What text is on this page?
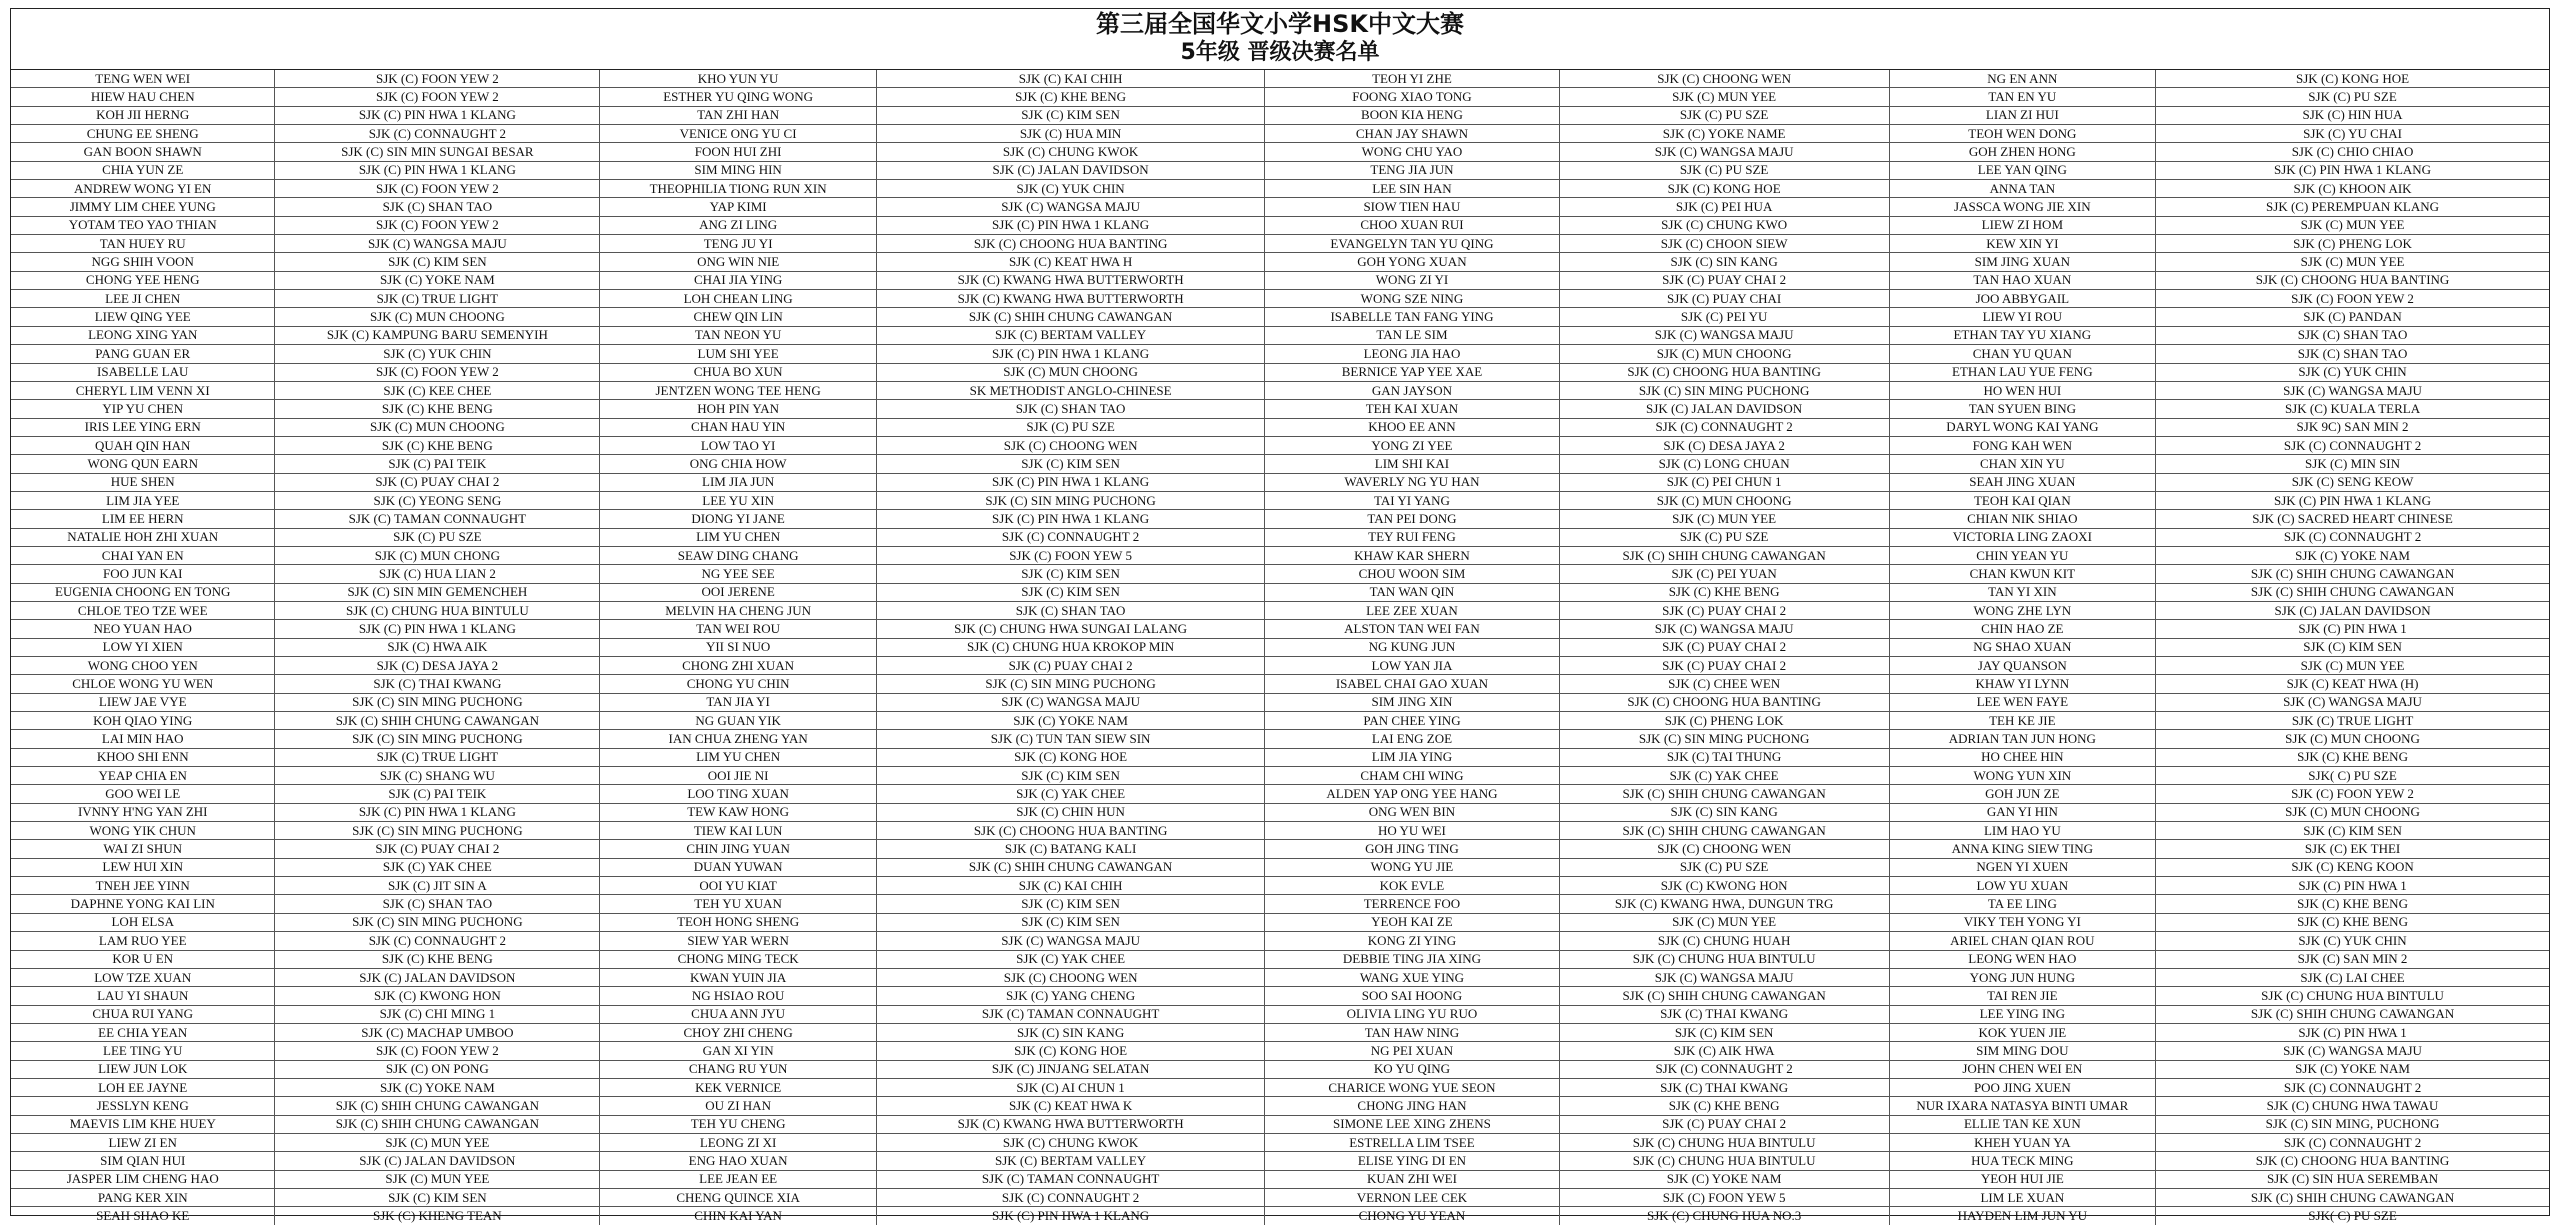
第三届全国华文小学HSK中文大赛
5年级 晋级决赛名单
TENG WEN WEI	SJK (C) FOON YEW 2	KHO YUN YU	SJK (C) KAI CHIH	TEOH YI ZHE	SJK (C) CHOONG WEN	NG EN ANN	SJK (C) KONG HOE
HIEW HAU CHEN	SJK (C) FOON YEW 2	ESTHER YU QING WONG	SJK (C) KHE BENG	FOONG XIAO TONG	SJK (C) MUN YEE	TAN EN YU	SJK (C) PU SZE
KOH JII HERNG	SJK (C) PIN HWA 1 KLANG	TAN ZHI HAN	SJK (C) KIM SEN	BOON KIA HENG	SJK (C) PU SZE	LIAN ZI HUI	SJK (C) HIN HUA
CHUNG EE SHENG	SJK (C) CONNAUGHT 2	VENICE ONG YU CI	SJK (C) HUA MIN	CHAN JAY SHAWN	SJK (C) YOKE NAME	TEOH WEN DONG	SJK (C) YU CHAI
GAN BOON SHAWN	SJK (C) SIN MIN SUNGAI BESAR	FOON HUI ZHI	SJK (C) CHUNG KWOK	WONG CHU YAO	SJK (C) WANGSA MAJU	GOH ZHEN HONG	SJK (C) CHIO CHIAO
CHIA YUN ZE	SJK (C) PIN HWA 1 KLANG	SIM MING HIN	SJK (C) JALAN DAVIDSON	TENG JIA JUN	SJK (C) PU SZE	LEE YAN QING	SJK (C) PIN HWA 1 KLANG
ANDREW WONG YI EN	SJK (C) FOON YEW 2	THEOPHILIA TIONG RUN XIN	SJK (C) YUK CHIN	LEE SIN HAN	SJK (C) KONG HOE	ANNA TAN	SJK (C) KHOON AIK
JIMMY LIM CHEE YUNG	SJK (C) SHAN TAO	YAP KIMI	SJK (C) WANGSA MAJU	SIOW TIEN HAU	SJK (C) PEI HUA	JASSCA WONG JIE XIN	SJK (C) PEREMPUAN KLANG
YOTAM TEO YAO THIAN	SJK (C) FOON YEW 2	ANG ZI LING	SJK (C) PIN HWA 1 KLANG	CHOO XUAN RUI	SJK (C) CHUNG KWO	LIEW ZI HOM	SJK (C) MUN YEE
TAN HUEY RU	SJK (C) WANGSA MAJU	TENG JU YI	SJK (C) CHOONG HUA BANTING	EVANGELYN TAN YU QING	SJK (C) CHOON SIEW	KEW XIN YI	SJK (C) PHENG LOK
NGG SHIH VOON	SJK (C) KIM SEN	ONG WIN NIE	SJK (C) KEAT HWA H	GOH YONG XUAN	SJK (C) SIN KANG	SIM JING XUAN	SJK (C) MUN YEE
CHONG YEE HENG	SJK (C) YOKE NAM	CHAI JIA YING	SJK (C) KWANG HWA BUTTERWORTH	WONG ZI YI	SJK (C) PUAY CHAI 2	TAN HAO XUAN	SJK (C) CHOONG HUA BANTING
LEE JI CHEN	SJK (C) TRUE LIGHT	LOH CHEAN LING	SJK (C) KWANG HWA BUTTERWORTH	WONG SZE NING	SJK (C) PUAY CHAI	JOO ABBYGAIL	SJK (C) FOON YEW 2
LIEW QING YEE	SJK (C) MUN CHOONG	CHEW QIN LIN	SJK (C) SHIH CHUNG CAWANGAN	ISABELLE TAN FANG YING	SJK (C) PEI YU	LIEW YI ROU	SJK (C) PANDAN
LEONG XING YAN	SJK (C) KAMPUNG BARU SEMENYIH	TAN NEON YU	SJK (C) BERTAM VALLEY	TAN LE SIM	SJK (C) WANGSA MAJU	ETHAN TAY YU XIANG	SJK (C) SHAN TAO
PANG GUAN ER	SJK (C) YUK CHIN	LUM SHI YEE	SJK (C) PIN HWA 1 KLANG	LEONG JIA HAO	SJK (C) MUN CHOONG	CHAN YU QUAN	SJK (C) SHAN TAO
ISABELLE LAU	SJK (C) FOON YEW 2	CHUA BO XUN	SJK (C) MUN CHOONG	BERNICE YAP YEE XAE	SJK (C) CHOONG HUA BANTING	ETHAN LAU YUE FENG	SJK (C) YUK CHIN
CHERYL LIM VENN XI	SJK (C) KEE CHEE	JENTZEN WONG TEE HENG	SK METHODIST ANGLO-CHINESE	GAN JAYSON	SJK (C) SIN MING PUCHONG	HO WEN HUI	SJK (C) WANGSA MAJU
YIP YU CHEN	SJK (C) KHE BENG	HOH PIN YAN	SJK (C) SHAN TAO	TEH KAI XUAN	SJK (C) JALAN DAVIDSON	TAN SYUEN BING	SJK (C) KUALA TERLA
IRIS LEE YING ERN	SJK (C) MUN CHOONG	CHAN HAU YIN	SJK (C) PU SZE	KHOO EE ANN	SJK (C) CONNAUGHT 2	DARYL WONG KAI YANG	SJK 9C) SAN MIN 2
QUAH QIN HAN	SJK (C) KHE BENG	LOW TAO YI	SJK (C) CHOONG WEN	YONG ZI YEE	SJK (C) DESA JAYA 2	FONG KAH WEN	SJK (C) CONNAUGHT 2
WONG QUN EARN	SJK (C) PAI TEIK	ONG CHIA HOW	SJK (C) KIM SEN	LIM SHI KAI	SJK (C) LONG CHUAN	CHAN XIN YU	SJK (C) MIN SIN
HUE SHEN	SJK (C) PUAY CHAI 2	LIM JIA JUN	SJK (C) PIN HWA 1 KLANG	WAVERLY NG YU HAN	SJK (C) PEI CHUN 1	SEAH JING XUAN	SJK (C) SENG KEOW
LIM JIA YEE	SJK (C) YEONG SENG	LEE YU XIN	SJK (C) SIN MING PUCHONG	TAI YI YANG	SJK (C) MUN CHOONG	TEOH KAI QIAN	SJK (C) PIN HWA 1 KLANG
LIM EE HERN	SJK (C) TAMAN CONNAUGHT	DIONG YI JANE	SJK (C) PIN HWA 1 KLANG	TAN PEI DONG	SJK (C) MUN YEE	CHIAN NIK SHIAO	SJK (C) SACRED HEART CHINESE
NATALIE HOH ZHI XUAN	SJK (C) PU SZE	LIM YU CHEN	SJK (C) CONNAUGHT 2	TEY RUI FENG	SJK (C) PU SZE	VICTORIA LING ZAOXI	SJK (C) CONNAUGHT 2
CHAI YAN EN	SJK (C) MUN CHONG	SEAW DING CHANG	SJK (C) FOON YEW 5	KHAW KAR SHERN	SJK (C) SHIH CHUNG CAWANGAN	CHIN YEAN YU	SJK (C) YOKE NAM
FOO JUN KAI	SJK (C) HUA LIAN 2	NG YEE SEE	SJK (C) KIM SEN	CHOU WOON SIM	SJK (C) PEI YUAN	CHAN KWUN KIT	SJK (C) SHIH CHUNG CAWANGAN
EUGENIA CHOONG EN TONG	SJK (C) SIN MIN GEMENCHEH	OOI JERENE	SJK (C) KIM SEN	TAN WAN QIN	SJK (C) KHE BENG	TAN YI XIN	SJK (C) SHIH CHUNG CAWANGAN
CHLOE TEO TZE WEE	SJK (C) CHUNG HUA BINTULU	MELVIN HA CHENG JUN	SJK (C) SHAN TAO	LEE ZEE XUAN	SJK (C) PUAY CHAI 2	WONG ZHE LYN	SJK (C) JALAN DAVIDSON
NEO YUAN HAO	SJK (C) PIN HWA 1 KLANG	TAN WEI ROU	SJK (C) CHUNG HWA SUNGAI LALANG	ALSTON TAN WEI FAN	SJK (C) WANGSA MAJU	CHIN HAO ZE	SJK (C) PIN HWA 1
LOW YI XIEN	SJK (C) HWA AIK	YII SI NUO	SJK (C) CHUNG HUA KROKOP MIN	NG KUNG JUN	SJK (C) PUAY CHAI 2	NG SHAO XUAN	SJK (C) KIM SEN
WONG CHOO YEN	SJK (C) DESA JAYA 2	CHONG ZHI XUAN	SJK (C) PUAY CHAI 2	LOW YAN JIA	SJK (C) PUAY CHAI 2	JAY QUANSON	SJK (C) MUN YEE
CHLOE WONG YU WEN	SJK (C) THAI KWANG	CHONG YU CHIN	SJK (C) SIN MING PUCHONG	ISABEL CHAI GAO XUAN	SJK (C) CHEE WEN	KHAW YI LYNN	SJK (C) KEAT HWA (H)
LIEW JAE VYE	SJK (C) SIN MING PUCHONG	TAN JIA YI	SJK (C) WANGSA MAJU	SIM JING XIN	SJK (C) CHOONG HUA BANTING	LEE WEN FAYE	SJK (C) WANGSA MAJU
KOH QIAO YING	SJK (C) SHIH CHUNG CAWANGAN	NG GUAN YIK	SJK (C) YOKE NAM	PAN CHEE YING	SJK (C) PHENG LOK	TEH KE JIE	SJK (C) TRUE LIGHT
LAI MIN HAO	SJK (C) SIN MING PUCHONG	IAN CHUA ZHENG YAN	SJK (C) TUN TAN SIEW SIN	LAI ENG ZOE	SJK (C) SIN MING PUCHONG	ADRIAN TAN JUN HONG	SJK (C) MUN CHOONG
KHOO SHI ENN	SJK (C) TRUE LIGHT	LIM YU CHEN	SJK (C) KONG HOE	LIM JIA YING	SJK (C) TAI THUNG	HO CHEE HIN	SJK (C) KHE BENG
YEAP CHIA EN	SJK (C) SHANG WU	OOI JIE NI	SJK (C) KIM SEN	CHAM CHI WING	SJK (C) YAK CHEE	WONG YUN XIN	SJK( C) PU SZE
GOO WEI LE	SJK (C) PAI TEIK	LOO TING XUAN	SJK (C) YAK CHEE	ALDEN YAP ONG YEE HANG	SJK (C) SHIH CHUNG CAWANGAN	GOH JUN ZE	SJK (C) FOON YEW 2
IVNNY H'NG YAN ZHI	SJK (C) PIN HWA 1 KLANG	TEW KAW HONG	SJK (C) CHIN HUN	ONG WEN BIN	SJK (C) SIN KANG	GAN YI HIN	SJK (C) MUN CHOONG
WONG YIK CHUN	SJK (C) SIN MING PUCHONG	TIEW KAI LUN	SJK (C) CHOONG HUA BANTING	HO YU WEI	SJK (C) SHIH CHUNG CAWANGAN	LIM HAO YU	SJK (C) KIM SEN
WAI ZI SHUN	SJK (C) PUAY CHAI 2	CHIN JING YUAN	SJK (C) BATANG KALI	GOH JING TING	SJK (C) CHOONG WEN	ANNA KING SIEW TING	SJK (C) EK THEI
LEW HUI XIN	SJK (C) YAK CHEE	DUAN YUWAN	SJK (C) SHIH CHUNG CAWANGAN	WONG YU JIE	SJK (C) PU SZE	NGEN YI XUEN	SJK (C) KENG KOON
TNEH JEE YINN	SJK (C) JIT SIN A	OOI YU KIAT	SJK (C) KAI CHIH	KOK EVLE	SJK (C) KWONG HON	LOW YU XUAN	SJK (C) PIN HWA 1
DAPHNE YONG KAI LIN	SJK (C) SHAN TAO	TEH YU XUAN	SJK (C) KIM SEN	TERRENCE FOO	SJK (C) KWANG HWA, DUNGUN TRG	TA EE LING	SJK (C) KHE BENG
LOH ELSA	SJK (C) SIN MING PUCHONG	TEOH HONG SHENG	SJK (C) KIM SEN	YEOH KAI ZE	SJK (C) MUN YEE	VIKY TEH YONG YI	SJK (C) KHE BENG
LAM RUO YEE	SJK (C) CONNAUGHT 2	SIEW YAR WERN	SJK (C) WANGSA MAJU	KONG ZI YING	SJK (C) CHUNG HUAH	ARIEL CHAN QIAN ROU	SJK (C) YUK CHIN
KOR U EN	SJK (C) KHE BENG	CHONG MING TECK	SJK (C) YAK CHEE	DEBBIE TING JIA XING	SJK (C) CHUNG HUA BINTULU	LEONG WEN HAO	SJK (C) SAN MIN 2
LOW TZE XUAN	SJK (C) JALAN DAVIDSON	KWAN YUIN JIA	SJK (C) CHOONG WEN	WANG XUE YING	SJK (C) WANGSA MAJU	YONG JUN HUNG	SJK (C) LAI CHEE
LAU YI SHAUN	SJK (C) KWONG HON	NG HSIAO ROU	SJK (C) YANG CHENG	SOO SAI HOONG	SJK (C) SHIH CHUNG CAWANGAN	TAI REN JIE	SJK (C) CHUNG HUA BINTULU
CHUA RUI YANG	SJK (C) CHI MING 1	CHUA ANN JYU	SJK (C) TAMAN CONNAUGHT	OLIVIA LING YU RUO	SJK (C) THAI KWANG	LEE YING ING	SJK (C) SHIH CHUNG CAWANGAN
EE CHIA YEAN	SJK (C) MACHAP UMBOO	CHOY ZHI CHENG	SJK (C) SIN KANG	TAN HAW NING	SJK (C) KIM SEN	KOK YUEN JIE	SJK (C) PIN HWA 1
LEE TING YU	SJK (C) FOON YEW 2	GAN XI YIN	SJK (C) KONG HOE	NG PEI XUAN	SJK (C) AIK HWA	SIM MING DOU	SJK (C) WANGSA MAJU
LIEW JUN LOK	SJK (C) ON PONG	CHANG RU YUN	SJK (C) JINJANG SELATAN	KO YU QING	SJK (C) CONNAUGHT 2	JOHN CHEN WEI EN	SJK (C) YOKE NAM
LOH EE JAYNE	SJK (C) YOKE NAM	KEK VERNICE	SJK (C) AI CHUN 1	CHARICE WONG YUE SEON	SJK (C) THAI KWANG	POO JING XUEN	SJK (C) CONNAUGHT 2
JESSLYN KENG	SJK (C) SHIH CHUNG CAWANGAN	OU ZI HAN	SJK (C) KEAT HWA K	CHONG JING HAN	SJK (C) KHE BENG	NUR IXARA NATASYA BINTI UMAR	SJK (C) CHUNG HWA TAWAU
MAEVIS LIM KHE HUEY	SJK (C) SHIH CHUNG CAWANGAN	TEH YU CHENG	SJK (C) KWANG HWA BUTTERWORTH	SIMONE LEE XING ZHENS	SJK (C) PUAY CHAI 2	ELLIE TAN KE XUN	SJK (C) SIN MING, PUCHONG
LIEW ZI EN	SJK (C) MUN YEE	LEONG ZI XI	SJK (C) CHUNG KWOK	ESTRELLA LIM TSEE	SJK (C) CHUNG HUA BINTULU	KHEH YUAN YA	SJK (C) CONNAUGHT 2
SIM QIAN HUI	SJK (C) JALAN DAVIDSON	ENG HAO XUAN	SJK (C) BERTAM VALLEY	ELISE YING DI EN	SJK (C) CHUNG HUA BINTULU	HUA TECK MING	SJK (C) CHOONG HUA BANTING
JASPER LIM CHENG HAO	SJK (C) MUN YEE	LEE JEAN EE	SJK (C) TAMAN CONNAUGHT	KUAN ZHI WEI	SJK (C) YOKE NAM	YEOH HUI JIE	SJK (C) SIN HUA SEREMBAN
PANG KER XIN	SJK (C) KIM SEN	CHENG QUINCE XIA	SJK (C) CONNAUGHT 2	VERNON LEE CEK	SJK (C) FOON YEW 5	LIM LE XUAN	SJK (C) SHIH CHUNG CAWANGAN
SEAH SHAO KE	SJK (C) KHENG TEAN	CHIN KAI YAN	SJK (C) PIN HWA 1 KLANG	CHONG YU YEAN	SJK (C) CHUNG HUA NO.3	HAYDEN LIM JUN YU	SJK( C) PU SZE
